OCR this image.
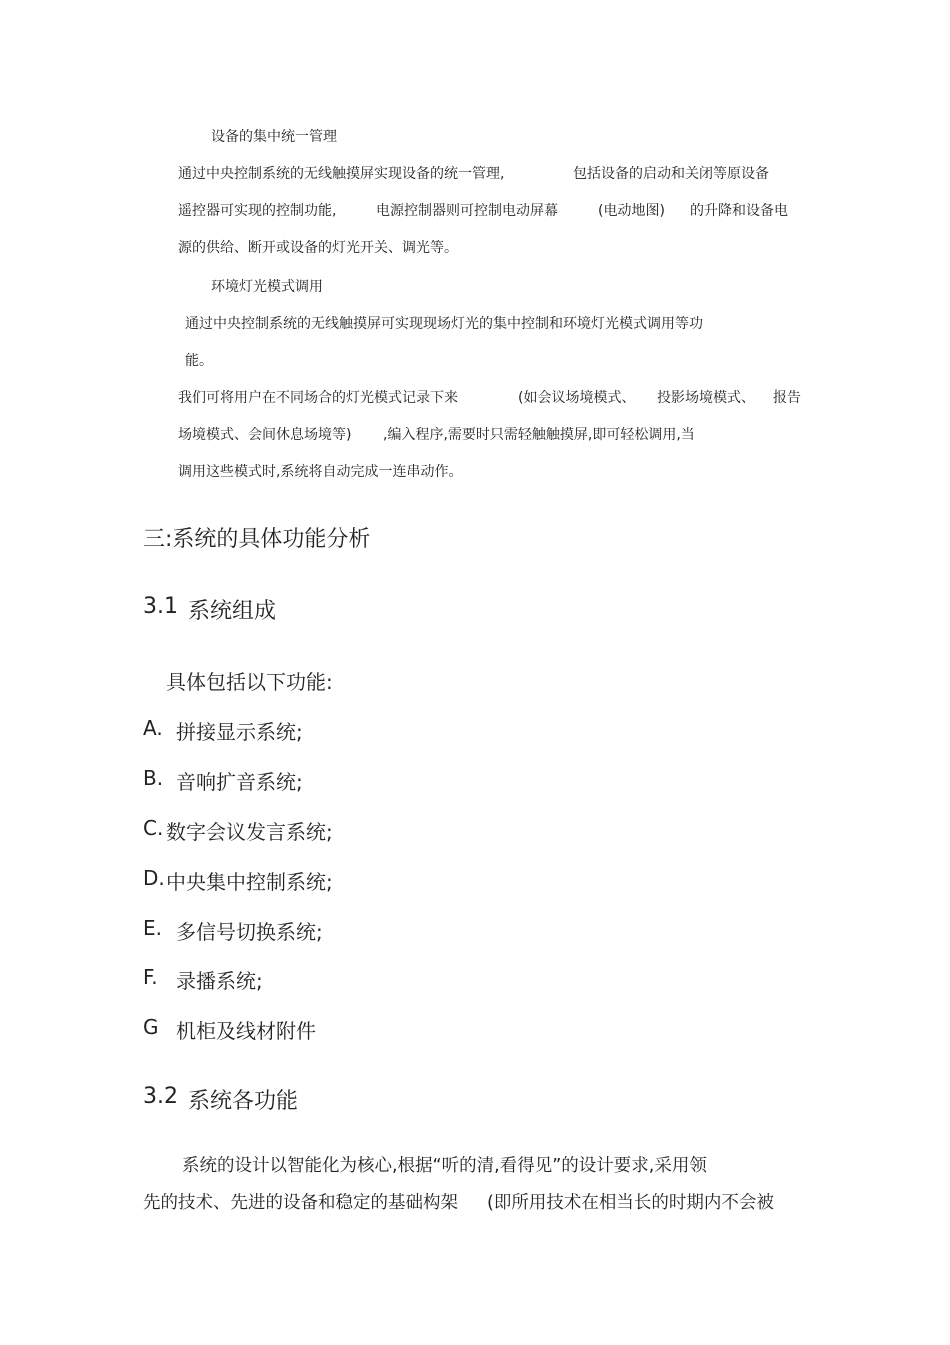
设备的集中统一管理

通过中央控制系统的无线触摸屏实现设备的统一管理,	包括设备的启动和关闭等原设备

遥控器可实现的控制功能,	电源控制器则可控制电动屏幕	(电动地图) 的升降和设备电

源的供给、断开或设备的灯光开关、调光等。

环境灯光模式调用

通过中央控制系统的无线触摸屏可实现现场灯光的集中控制和环境灯光模式调用等功

能。

我们可将用户在不同场合的灯光模式记录下来	(如会议场境模式、 投影场境模式、 报告

场境模式、会间休息场境等) ,编入程序,需要时只需轻触触摸屏,即可轻松调用,当

调用这些模式时,系统将自动完成一连串动作。

三:系统的具体功能分析

3.1 系统组成

具体包括以下功能:

A. 拼接显示系统;

B. 音响扩音系统;

C. 数字会议发言系统;

D. 中央集中控制系统;

E. 多信号切换系统;

F. 录播系统;

G 机柜及线材附件

3.2 系统各功能

系统的设计以智能化为核心,根据“听的清,看得见”的设计要求,采用领

先的技术、先进的设备和稳定的基础构架 (即所用技术在相当长的时期内不会被
